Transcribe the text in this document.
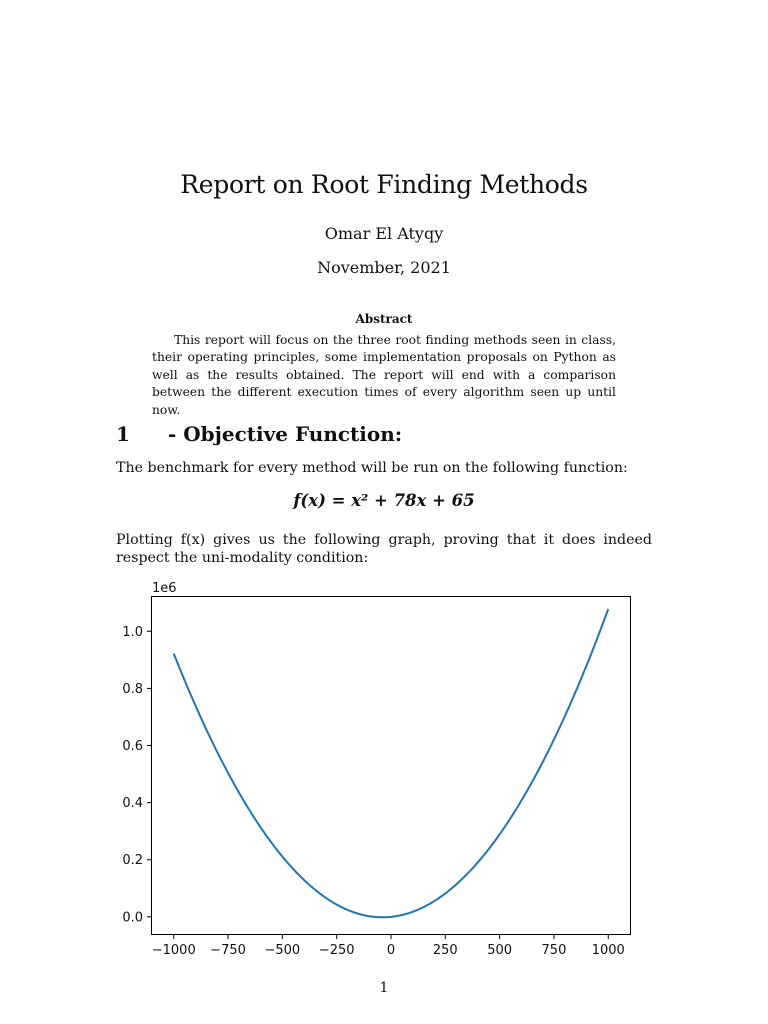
Report on Root Finding Methods
Omar El Atyqy
November, 2021
Abstract
This report will focus on the three root finding methods seen in class, their operating principles, some implementation proposals on Python as well as the results obtained. The report will end with a comparison between the different execution times of every algorithm seen up until now.
1 - Objective Function:
The benchmark for every method will be run on the following function:
f(x) = x² + 78x + 65
Plotting f(x) gives us the following graph, proving that it does indeed respect the uni-modality condition:
1e6
−1000 −750 −500 −250 0	250 500 750 1000
0.0
0.2
0.4
0.6
0.8
1.0
1
